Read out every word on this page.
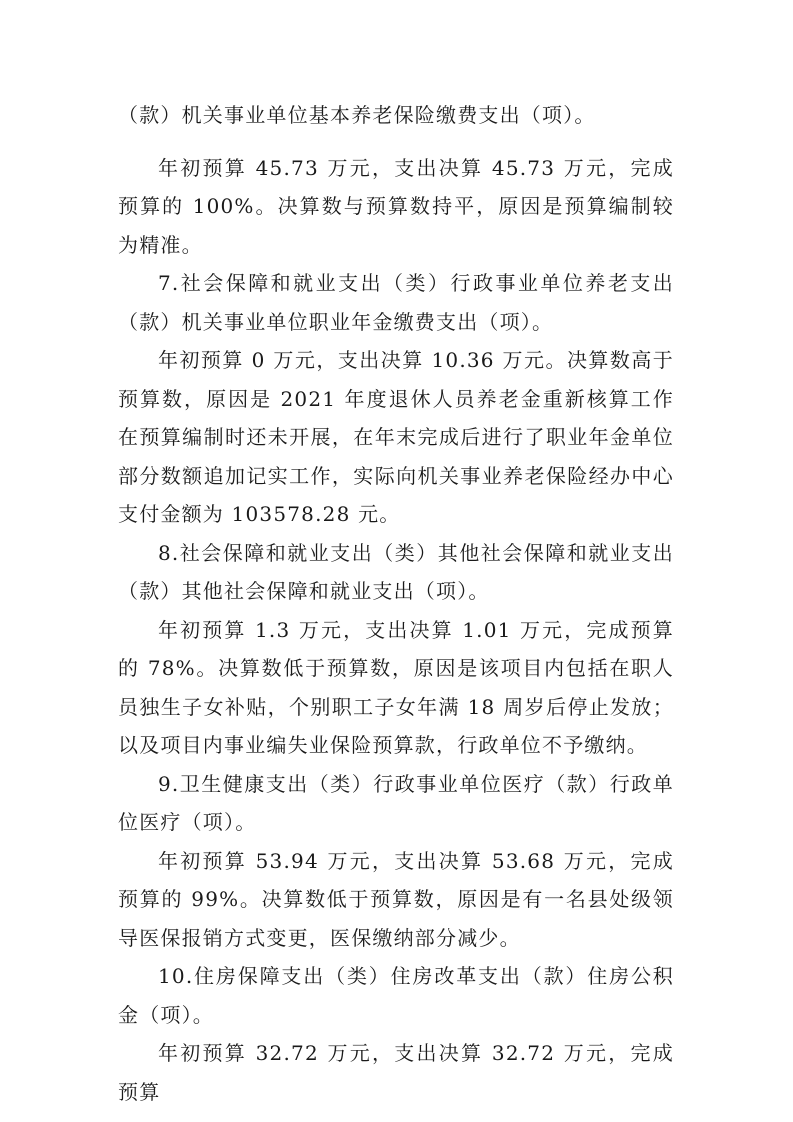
（款）机关事业单位基本养老保险缴费支出（项）。

年初预算 45.73 万元，支出决算 45.73 万元，完成预算的 100%。决算数与预算数持平，原因是预算编制较为精准。

7.社会保障和就业支出（类）行政事业单位养老支出（款）机关事业单位职业年金缴费支出（项）。

年初预算 0 万元，支出决算 10.36 万元。决算数高于预算数，原因是 2021 年度退休人员养老金重新核算工作在预算编制时还未开展，在年末完成后进行了职业年金单位部分数额追加记实工作，实际向机关事业养老保险经办中心支付金额为 103578.28 元。

8.社会保障和就业支出（类）其他社会保障和就业支出（款）其他社会保障和就业支出（项）。

年初预算 1.3 万元，支出决算 1.01 万元，完成预算的 78%。决算数低于预算数，原因是该项目内包括在职人员独生子女补贴，个别职工子女年满 18 周岁后停止发放；以及项目内事业编失业保险预算款，行政单位不予缴纳。

9.卫生健康支出（类）行政事业单位医疗（款）行政单位医疗（项）。

年初预算 53.94 万元，支出决算 53.68 万元，完成预算的 99%。决算数低于预算数，原因是有一名县处级领导医保报销方式变更，医保缴纳部分减少。

10.住房保障支出（类）住房改革支出（款）住房公积金（项）。

年初预算 32.72 万元，支出决算 32.72 万元，完成预算
